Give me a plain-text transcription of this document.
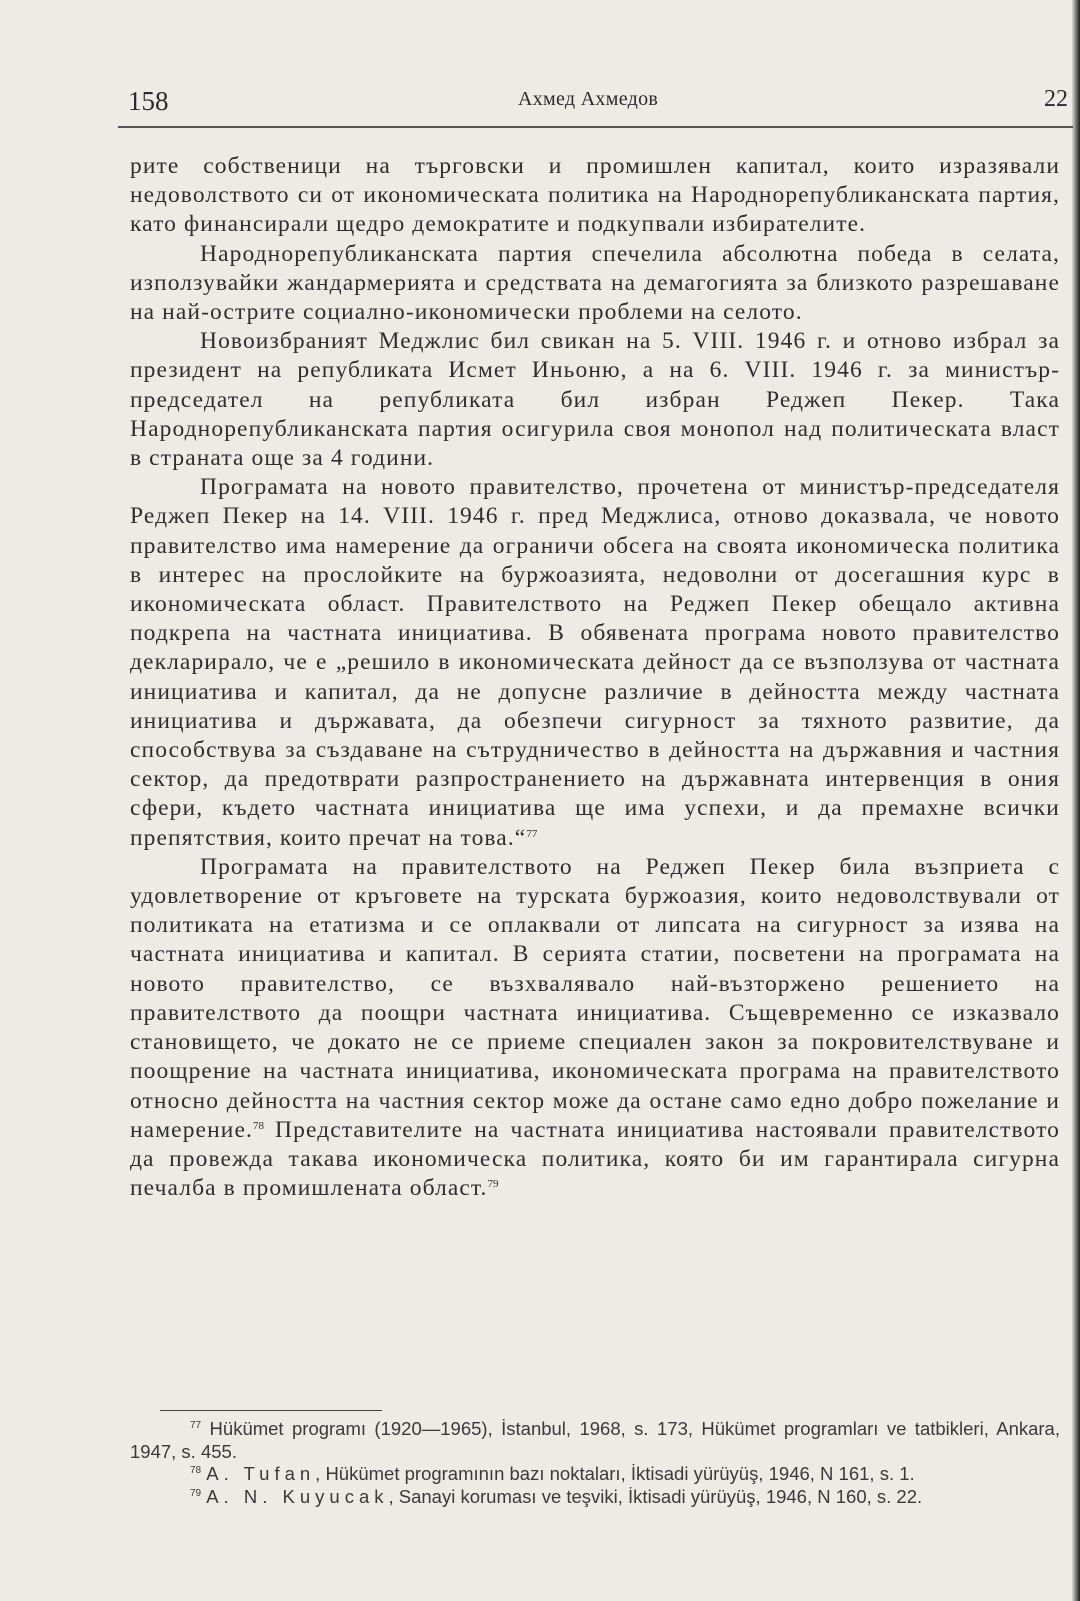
158	Ахмед Ахмедов	22

рите собственици на търговски и промишлен капитал, които изразявали недоволството си от икономическата политика на Народнорепубликанската партия, като финансирали щедро демократите и подкупвали избирателите.

Народнорепубликанската партия спечелила абсолютна победа в селата, използувайки жандармерията и средствата на демагогията за близкото разрешаване на най-острите социално-икономически проблеми на селото.

Новоизбраният Меджлис бил свикан на 5. VIII. 1946 г. и отново избрал за президент на републиката Исмет Иньоню, а на 6. VIII. 1946 г. за министър-председател на републиката бил избран Реджеп Пекер. Така Народнорепубликанската партия осигурила своя монопол над политическата власт в страната още за 4 години.

Програмата на новото правителство, прочетена от министър-председателя Реджеп Пекер на 14. VIII. 1946 г. пред Меджлиса, отново доказвала, че новото правителство има намерение да ограничи обсега на своята икономическа политика в интерес на прослойките на буржоазията, недоволни от досегашния курс в икономическата област. Правителството на Реджеп Пекер обещало активна подкрепа на частната инициатива. В обявената програма новото правителство декларирало, че е „решило в икономическата дейност да се възползува от частната инициатива и капитал, да не допусне различие в дейността между частната инициатива и държавата, да обезпечи сигурност за тяхното развитие, да способствува за създаване на сътрудничество в дейността на държавния и частния сектор, да предотврати разпространението на държавната интервенция в ония сфери, където частната инициатива ще има успехи, и да премахне всички препятствия, които пречат на това.“$^{77}$

Програмата на правителството на Реджеп Пекер била възприета с удовлетворение от кръговете на турската буржоазия, които недоволствували от политиката на етатизма и се оплаквали от липсата на сигурност за изява на частната инициатива и капитал. В серията статии, посветени на програмата на новото правителство, се възхвалявало най-възторжено решението на правителството да поощри частната инициатива. Същевременно се изказвало становището, че докато не се приеме специален закон за покровителствуване и поощрение на частната инициатива, икономическата програма на правителството относно дейността на частния сектор може да остане само едно добро пожелание и намерение.$^{78}$ Представителите на частната инициатива настоявали правителството да провежда такава икономическа политика, която би им гарантирала сигурна печалба в промишлената област.$^{79}$

$^{77}$ Hükümet programı (1920—1965), İstanbul, 1968, s. 173, Hükümet programları ve tatbikleri, Ankara, 1947, s. 455.

$^{78}$ A. Tufan, Hükümet programının bazı noktaları, İktisadi yürüyüş, 1946, N 161, s. 1.

$^{79}$ A. N. Kuyucak, Sanayi koruması ve teşviki, İktisadi yürüyüş, 1946, N 160, s. 22.
